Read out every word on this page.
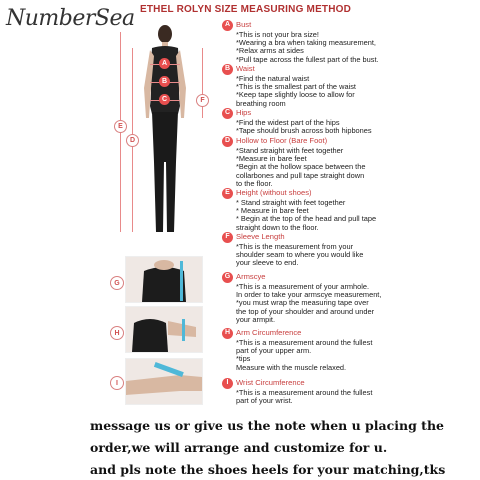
NumberSea ETHEL ROLYN SIZE MEASURING METHOD
A
B
C
D
E
F
G
H
I
A Bust
*This is not your bra size!
*Wearing a bra when taking measurement,
*Relax arms at sides
*Pull tape across the fullest part of the bust.
B Waist
*Find the natural waist
*This is the smallest part of the waist
*Keep tape slightly loose to allow for
breathing room
C Hips
*Find the widest part of the hips
*Tape should brush across both hipbones
D Hollow to Floor (Bare Foot)
*Stand straight with feet together
*Measure in bare feet
*Begin at the hollow space between the
collarbones and pull tape straight down
to the floor.
E Height (without shoes)
* Stand straight with feet together
* Measure in bare feet
* Begin at the top of the head and pull tape
straight down to the floor.
F Sleeve Length
*This is the measurement from your
shoulder seam to where you would like
your sleeve to end.
G Armscye
*This is a measurement of your armhole.
In order to take your armscye measurement,
*you must wrap the measuring tape over
the top of your shoulder and around under
your armpit.
H Arm Circumference
*This is a measurement around the fullest
part of your upper arm.
*tips
Measure with the muscle relaxed.
I Wrist Circumference
*This is a measurement around the fullest
part of your wrist.
message us or give us the note when u placing the
order,we will arrange and customize for u.
and pls note the shoes heels for your matching,tks
